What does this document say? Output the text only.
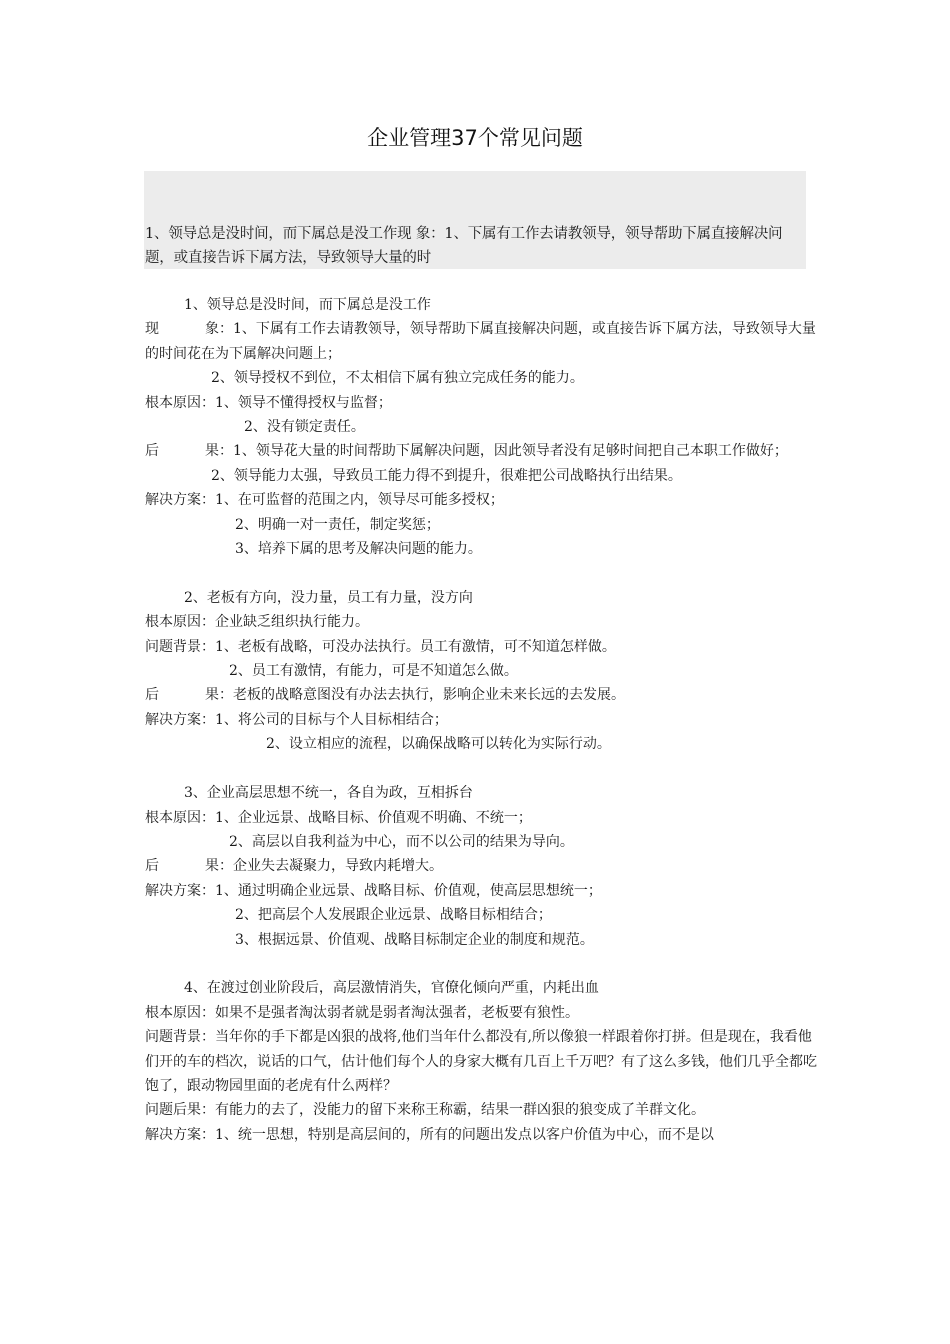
企业管理37个常见问题
1、领导总是没时间，而下属总是没工作现 象：1、下属有工作去请教领导，领导帮助下属直接解决问题，或直接告诉下属方法，导致领导大量的时
1、领导总是没时间，而下属总是没工作
现	象：1、下属有工作去请教领导，领导帮助下属直接解决问题，或直接告诉下属方法，导致领导大量的时间花在为下属解决问题上；
2、领导授权不到位，不太相信下属有独立完成任务的能力。
根本原因：1、领导不懂得授权与监督；
2、没有锁定责任。
后	果：1、领导花大量的时间帮助下属解决问题，因此领导者没有足够时间把自己本职工作做好；
2、领导能力太强，导致员工能力得不到提升，很难把公司战略执行出结果。
解决方案：1、在可监督的范围之内，领导尽可能多授权；
2、明确一对一责任，制定奖惩；
3、培养下属的思考及解决问题的能力。
2、老板有方向，没力量，员工有力量，没方向
根本原因：企业缺乏组织执行能力。
问题背景：1、老板有战略，可没办法执行。员工有激情，可不知道怎样做。
2、员工有激情，有能力，可是不知道怎么做。
后	果：老板的战略意图没有办法去执行，影响企业未来长远的去发展。
解决方案：1、将公司的目标与个人目标相结合；
2、设立相应的流程，以确保战略可以转化为实际行动。
3、企业高层思想不统一，各自为政，互相拆台
根本原因：1、企业远景、战略目标、价值观不明确、不统一；
2、高层以自我利益为中心，而不以公司的结果为导向。
后	果：企业失去凝聚力，导致内耗增大。
解决方案：1、通过明确企业远景、战略目标、价值观，使高层思想统一；
2、把高层个人发展跟企业远景、战略目标相结合；
3、根据远景、价值观、战略目标制定企业的制度和规范。
4、在渡过创业阶段后，高层激情消失，官僚化倾向严重，内耗出血
根本原因：如果不是强者淘汰弱者就是弱者淘汰强者，老板要有狼性。
问题背景：当年你的手下都是凶狠的战将,他们当年什么都没有,所以像狼一样跟着你打拼。但是现在，我看他们开的车的档次，说话的口气，估计他们每个人的身家大概有几百上千万吧？有了这么多钱，他们几乎全都吃饱了，跟动物园里面的老虎有什么两样？
问题后果：有能力的去了，没能力的留下来称王称霸，结果一群凶狠的狼变成了羊群文化。
解决方案：1、统一思想，特别是高层间的，所有的问题出发点以客户价值为中心，而不是以
